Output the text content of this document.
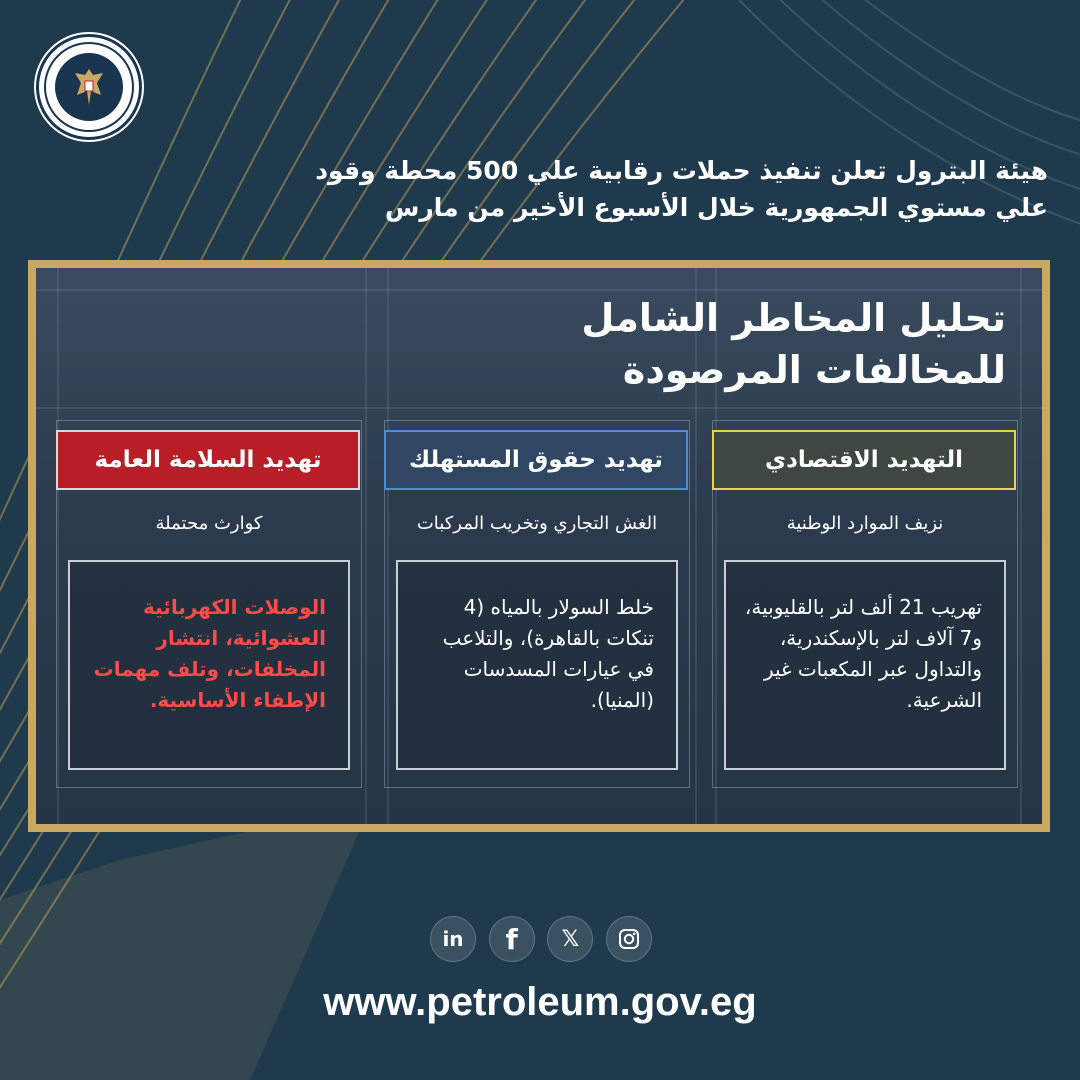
هيئة البترول تعلن تنفيذ حملات رقابية علي 500 محطة وقود
علي مستوي الجمهورية خلال الأسبوع الأخير من مارس
تحليل المخاطر الشامل
للمخالفات المرصودة
التهديد الاقتصادي
نزيف الموارد الوطنية
تهريب 21 ألف لتر بالقليوبية، و7 آلاف لتر بالإسكندرية، والتداول عبر المكعبات غير الشرعية.
تهديد حقوق المستهلك
الغش التجاري وتخريب المركبات
خلط السولار بالمياه (4 تنكات بالقاهرة)، والتلاعب في عيارات المسدسات (المنيا).
تهديد السلامة العامة
كوارث محتملة
الوصلات الكهربائية العشوائية، انتشار المخلفات، وتلف مهمات الإطفاء الأساسية.
in f 𝕏
www.petroleum.gov.eg
